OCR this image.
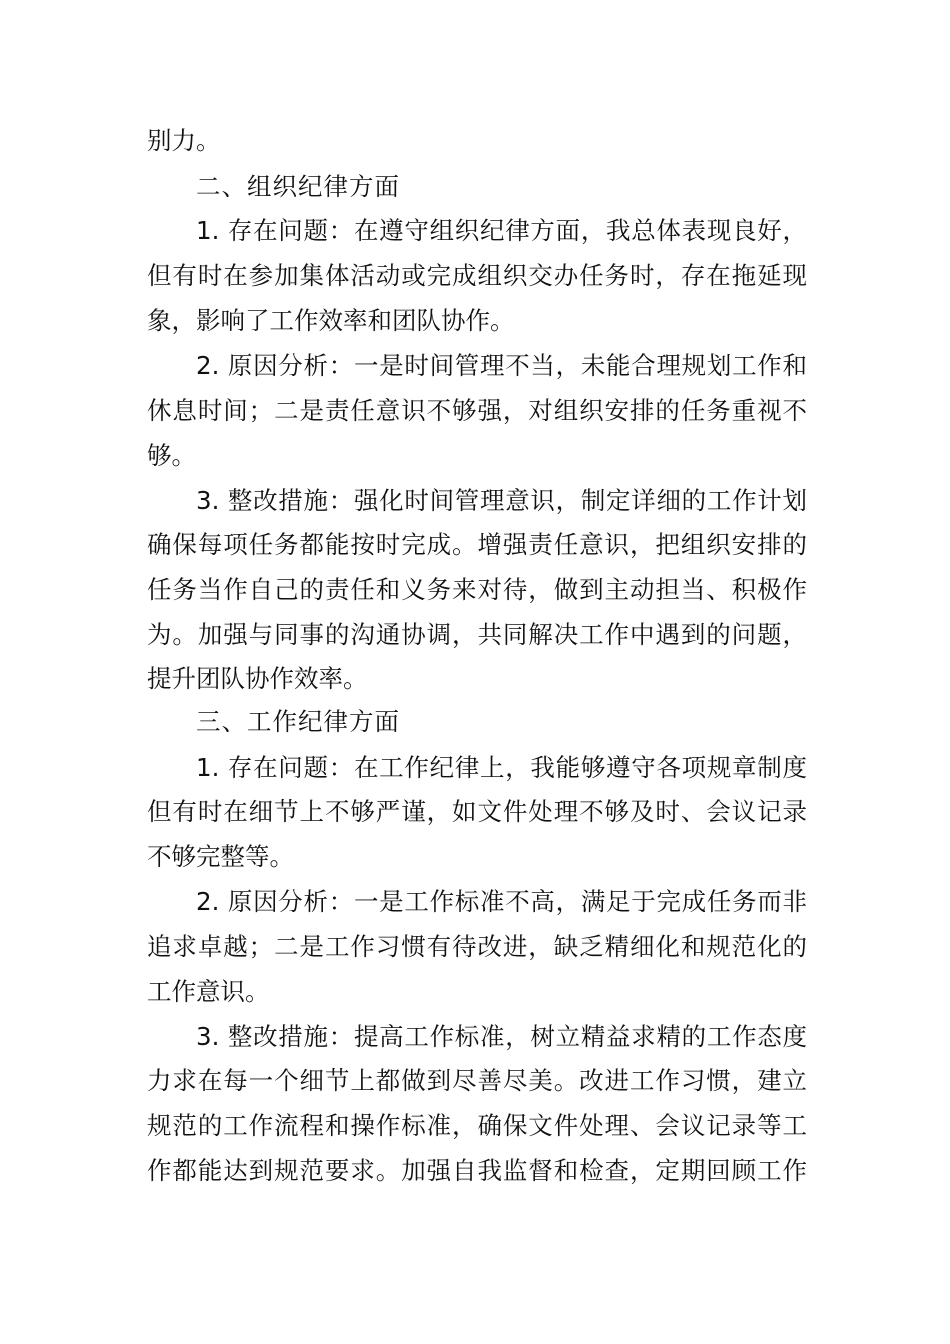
别力。
二、组织纪律方面
1. 存在问题：在遵守组织纪律方面，我总体表现良好，
但有时在参加集体活动或完成组织交办任务时，存在拖延现
象，影响了工作效率和团队协作。
2. 原因分析：一是时间管理不当，未能合理规划工作和
休息时间；二是责任意识不够强，对组织安排的任务重视不
够。
3. 整改措施：强化时间管理意识，制定详细的工作计划
确保每项任务都能按时完成。增强责任意识，把组织安排的
任务当作自己的责任和义务来对待，做到主动担当、积极作
为。加强与同事的沟通协调，共同解决工作中遇到的问题，
提升团队协作效率。
三、工作纪律方面
1. 存在问题：在工作纪律上，我能够遵守各项规章制度
但有时在细节上不够严谨，如文件处理不够及时、会议记录
不够完整等。
2. 原因分析：一是工作标准不高，满足于完成任务而非
追求卓越；二是工作习惯有待改进，缺乏精细化和规范化的
工作意识。
3. 整改措施：提高工作标准，树立精益求精的工作态度
力求在每一个细节上都做到尽善尽美。改进工作习惯，建立
规范的工作流程和操作标准，确保文件处理、会议记录等工
作都能达到规范要求。加强自我监督和检查，定期回顾工作
